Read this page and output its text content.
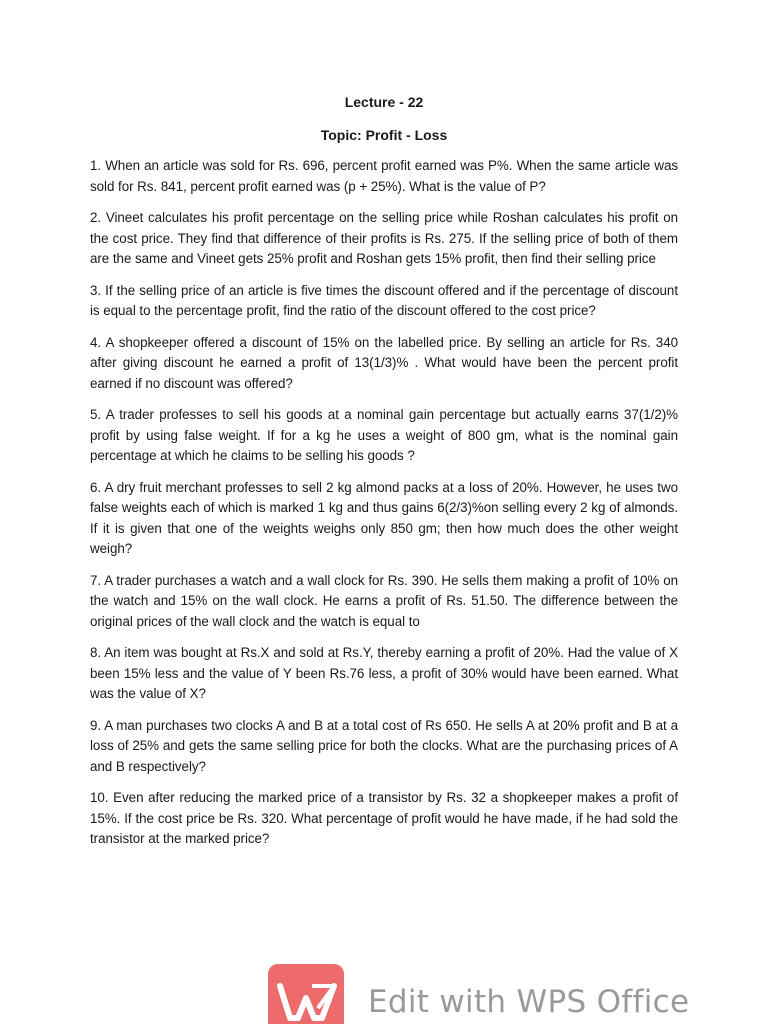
Lecture - 22
Topic: Profit - Loss

1. When an article was sold for Rs. 696, percent profit earned was P%. When the same article was sold for Rs. 841, percent profit earned was (p + 25%). What is the value of P?

2. Vineet calculates his profit percentage on the selling price while Roshan calculates his profit on the cost price. They find that difference of their profits is Rs. 275. If the selling price of both of them are the same and Vineet gets 25% profit and Roshan gets 15% profit, then find their selling price

3. If the selling price of an article is five times the discount offered and if the percentage of discount is equal to the percentage profit, find the ratio of the discount offered to the cost price?

4. A shopkeeper offered a discount of 15% on the labelled price. By selling an article for Rs. 340 after giving discount he earned a profit of 13(1/3)% . What would have been the percent profit earned if no discount was offered?

5. A trader professes to sell his goods at a nominal gain percentage but actually earns 37(1/2)% profit by using false weight. If for a kg he uses a weight of 800 gm, what is the nominal gain percentage at which he claims to be selling his goods ?

6. A dry fruit merchant professes to sell 2 kg almond packs at a loss of 20%. However, he uses two false weights each of which is marked 1 kg and thus gains 6(2/3)%on selling every 2 kg of almonds. If it is given that one of the weights weighs only 850 gm; then how much does the other weight weigh?

7. A trader purchases a watch and a wall clock for Rs. 390. He sells them making a profit of 10% on the watch and 15% on the wall clock. He earns a profit of Rs. 51.50. The difference between the original prices of the wall clock and the watch is equal to

8. An item was bought at Rs.X and sold at Rs.Y, thereby earning a profit of 20%. Had the value of X been 15% less and the value of Y been Rs.76 less, a profit of 30% would have been earned. What was the value of X?

9. A man purchases two clocks A and B at a total cost of Rs 650. He sells A at 20% profit and B at a loss of 25% and gets the same selling price for both the clocks. What are the purchasing prices of A and B respectively?

10. Even after reducing the marked price of a transistor by Rs. 32 a shopkeeper makes a profit of 15%. If the cost price be Rs. 320. What percentage of profit would he have made, if he had sold the transistor at the marked price?

Edit with WPS Office
